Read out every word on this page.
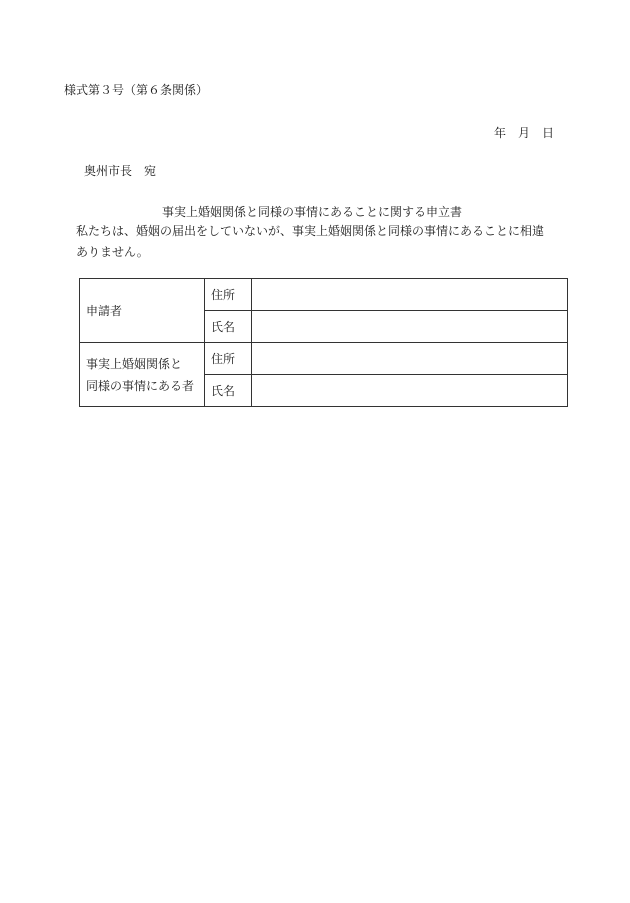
様式第３号（第６条関係）
年　月　日
奥州市長　宛
事実上婚姻関係と同様の事情にあることに関する申立書
私たちは、婚姻の届出をしていないが、事実上婚姻関係と同様の事情にあることに相違
ありません。
申請者	住所	
	氏名	
事実上婚姻関係と
同様の事情にある者	住所	
	氏名	
